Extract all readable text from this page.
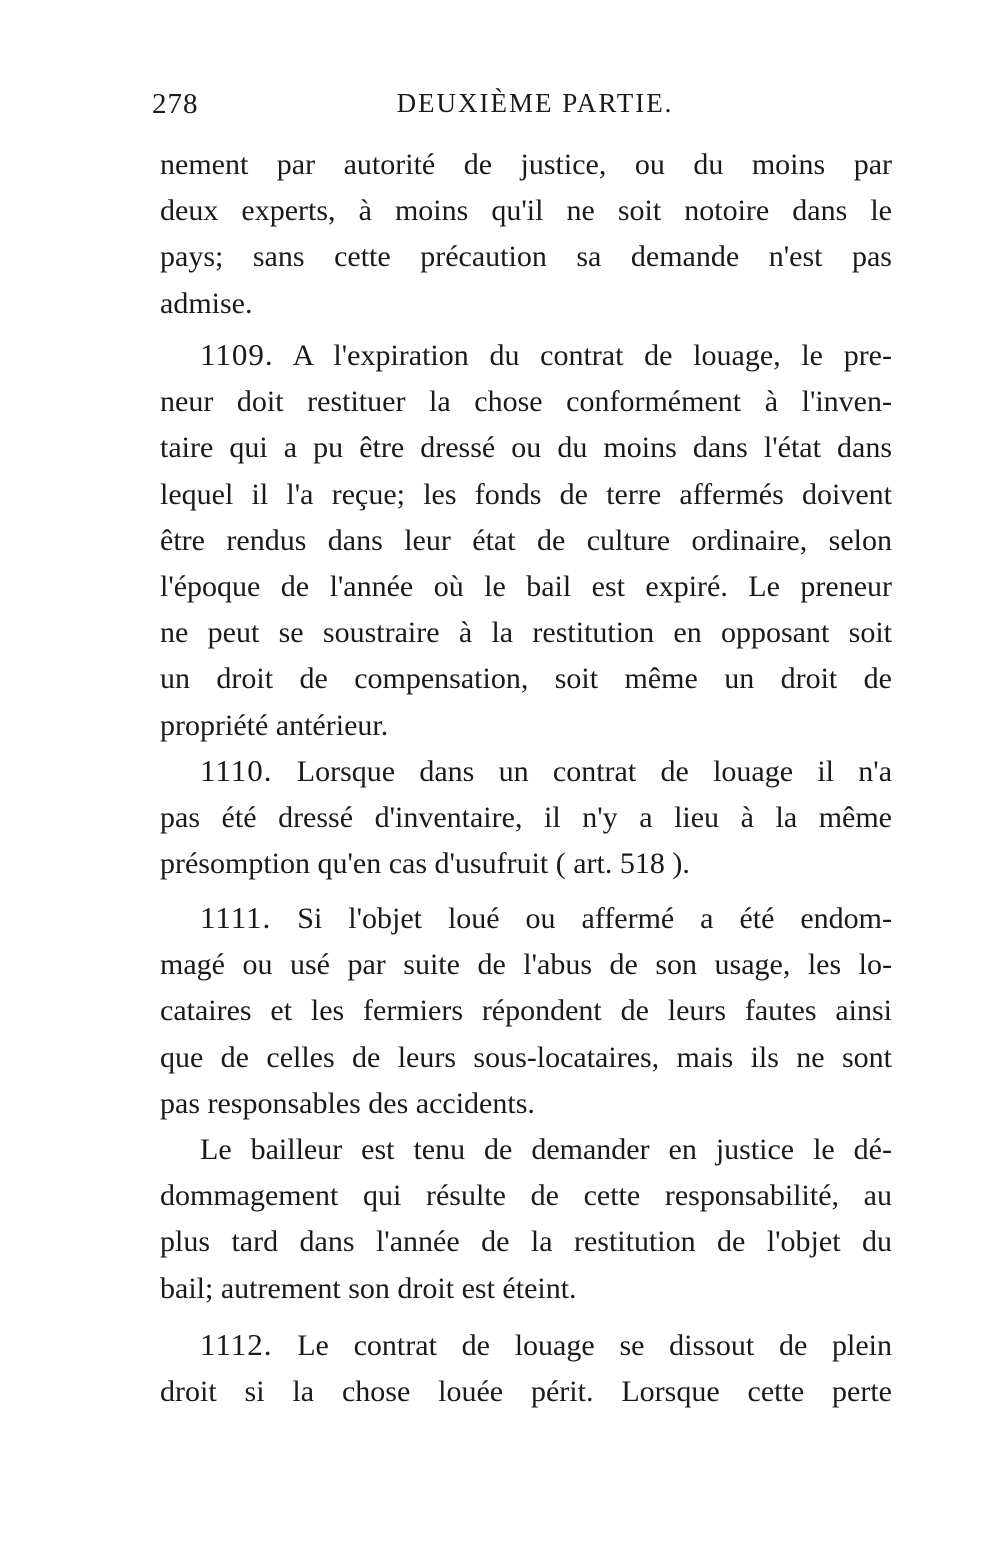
278	DEUXIÈME PARTIE.
nement par autorité de justice, ou du moins par
deux experts, à moins qu'il ne soit notoire dans le
pays; sans cette précaution sa demande n'est pas
admise.
1109. A l'expiration du contrat de louage, le pre-
neur doit restituer la chose conformément à l'inven-
taire qui a pu être dressé ou du moins dans l'état dans
lequel il l'a reçue; les fonds de terre affermés doivent
être rendus dans leur état de culture ordinaire, selon
l'époque de l'année où le bail est expiré. Le preneur
ne peut se soustraire à la restitution en opposant soit
un droit de compensation, soit même un droit de
propriété antérieur.
1110. Lorsque dans un contrat de louage il n'a
pas été dressé d'inventaire, il n'y a lieu à la même
présomption qu'en cas d'usufruit ( art. 518 ).
1111. Si l'objet loué ou affermé a été endom-
magé ou usé par suite de l'abus de son usage, les lo-
cataires et les fermiers répondent de leurs fautes ainsi
que de celles de leurs sous-locataires, mais ils ne sont
pas responsables des accidents.
Le bailleur est tenu de demander en justice le dé-
dommagement qui résulte de cette responsabilité, au
plus tard dans l'année de la restitution de l'objet du
bail; autrement son droit est éteint.
1112. Le contrat de louage se dissout de plein
droit si la chose louée périt. Lorsque cette perte
